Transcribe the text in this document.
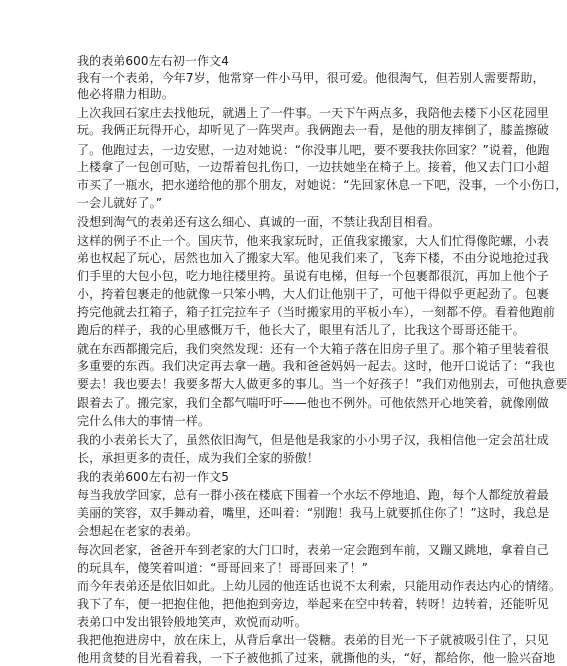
我的表弟600左右初一作文4
我有一个表弟，今年7岁，他常穿一件小马甲，很可爱。他很淘气，但若别人需要帮助，
他必将鼎力相助。
上次我回石家庄去找他玩，就遇上了一件事。一天下午两点多，我陪他去楼下小区花园里
玩。我俩正玩得开心，却听见了一阵哭声。我俩跑去一看，是他的朋友摔倒了，膝盖擦破
了。他跑过去，一边安慰，一边对她说：“你没事儿吧，要不要我扶你回家？”说着，他跑
上楼拿了一包创可贴，一边帮着包扎伤口，一边扶她坐在椅子上。接着，他又去门口小超
市买了一瓶水，把水递给他的那个朋友，对她说：“先回家休息一下吧，没事，一个小伤口，
一会儿就好了。”
没想到淘气的表弟还有这么细心、真诚的一面，不禁让我刮目相看。
这样的例子不止一个。国庆节，他来我家玩时，正值我家搬家，大人们忙得像陀螺，小表
弟也权起了玩心，居然也加入了搬家大军。他见我们来了，飞奔下楼，不由分说地抢过我
们手里的大包小包，吃力地往楼里挎。虽说有电梯，但每一个包裹都很沉，再加上他个子
小，挎着包裹走的他就像一只笨小鸭，大人们让他别干了，可他干得似乎更起劲了。包裹
挎完他就去扛箱子，箱子扛完拉车子（当时搬家用的平板小车），一刻都不停。看着他跑前
跑后的样子，我的心里感慨万千，他长大了，眼里有活儿了，比我这个哥哥还能干。
就在东西都搬完后，我们突然发现：还有一个大箱子落在旧房子里了。那个箱子里装着很
多重要的东西。我们决定再去拿一趟。我和爸爸妈妈一起去。这时，他开口说话了：“我也
要去！我也要去！我要多帮大人做更多的事儿。当一个好孩子！”我们劝他别去，可他执意要
跟着去了。搬完家，我们全都气喘吁吁——他也不例外。可他依然开心地笑着，就像刚做
完什么伟大的事情一样。
我的小表弟长大了，虽然依旧淘气，但是他是我家的小小男子汉，我相信他一定会茁壮成
长，承担更多的责任，成为我们全家的骄傲！
我的表弟600左右初一作文5
每当我放学回家，总有一群小孩在楼底下围着一个水坛不停地追、跑，每个人都绽放着最
美丽的笑容，双手舞动着，嘴里，还叫着：“别跑！我马上就要抓住你了！”这时，我总是
会想起在老家的表弟。
每次回老家，爸爸开车到老家的大门口时，表弟一定会跑到车前，又蹦又跳地，拿着自己
的玩具车，傻笑着叫道：“哥哥回来了！哥哥回来了！”
而今年表弟还是依旧如此。上幼儿园的他连话也说不太利索，只能用动作表达内心的情绪。
我下了车，便一把抱住他，把他抱到旁边，举起来在空中转着，转呀！边转着，还能听见
表弟口中发出银铃般地笑声，欢悦而动听。
我把他抱进房中，放在床上，从背后拿出一袋糖。表弟的目光一下子就被吸引住了，只见
他用贪婪的目光看着我，一下子被他抓了过来，就撕他的头，“好，都给你，他一脸兴奋地
